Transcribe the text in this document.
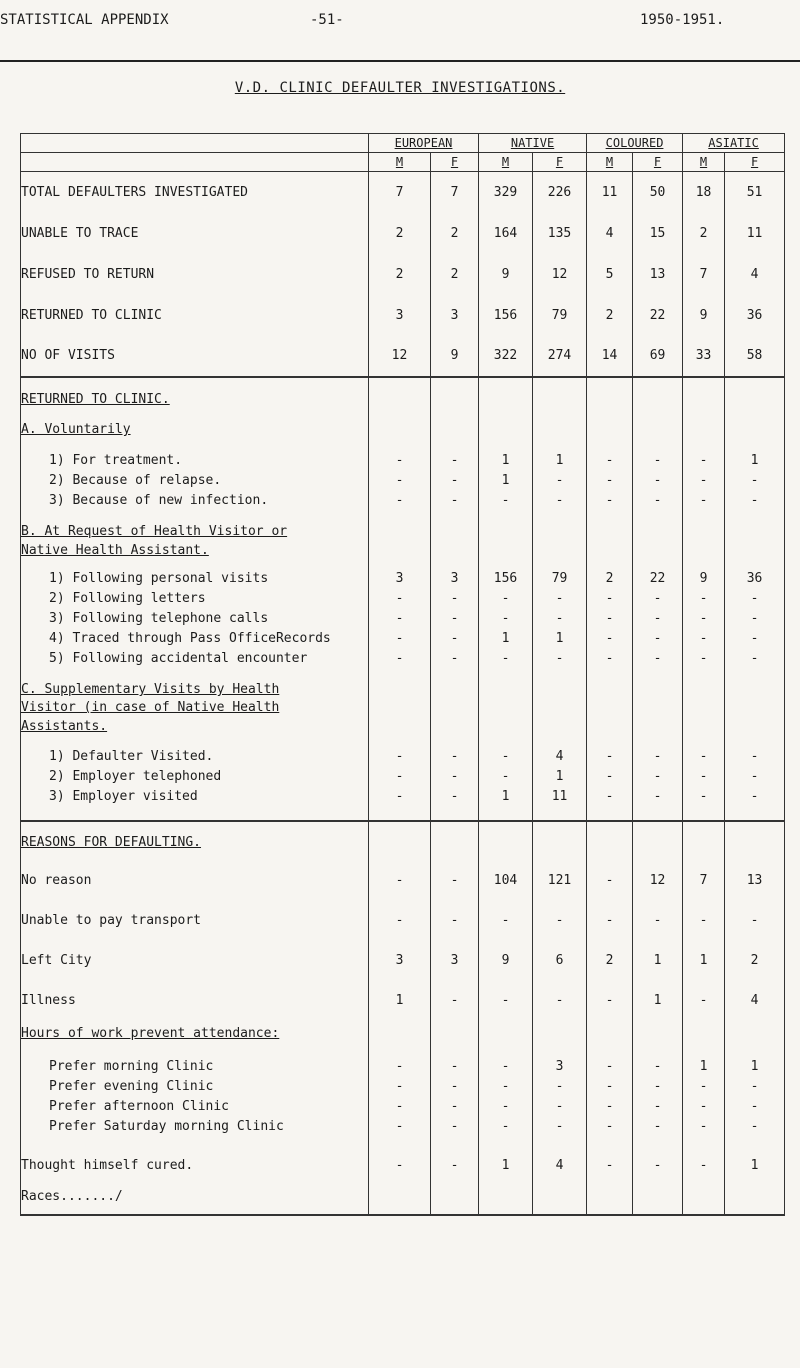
STATISTICAL APPENDIX	-51-	1950-1951.
V.D. CLINIC DEFAULTER INVESTIGATIONS.
	EUROPEAN		NATIVE		COLOURED		ASIATIC	
	M	F	M	F	M	F	M	F
TOTAL DEFAULTERS INVESTIGATED	7	7	329	226	11	50	18	51
UNABLE TO TRACE	2	2	164	135	4	15	2	11
REFUSED TO RETURN	2	2	9	12	5	13	7	4
RETURNED TO CLINIC	3	3	156	79	2	22	9	36
NO OF VISITS	12	9	322	274	14	69	33	58

RETURNED TO CLINIC.								

A. Voluntarily								

1) For treatment.	-	-	1	1	-	-	-	1
2) Because of relapse.	-	-	1	-	-	-	-	-
3) Because of new infection.	-	-	-	-	-	-	-	-

B. At Request of Health Visitor or								
Native Health Assistant.								

1) Following personal visits	3	3	156	79	2	22	9	36
2) Following letters	-	-	-	-	-	-	-	-
3) Following telephone calls	-	-	-	-	-	-	-	-
4) Traced through Pass OfficeRecords	-	-	1	1	-	-	-	-
5) Following accidental encounter	-	-	-	-	-	-	-	-

C. Supplementary Visits by Health								
Visitor (in case of Native Health								
Assistants.								

1) Defaulter Visited.	-	-	-	4	-	-	-	-
2) Employer telephoned	-	-	-	1	-	-	-	-
3) Employer visited	-	-	1	11	-	-	-	-

REASONS FOR DEFAULTING.								

No reason	-	-	104	121	-	12	7	13
Unable to pay transport	-	-	-	-	-	-	-	-
Left City	3	3	9	6	2	1	1	2
Illness	1	-	-	-	-	1	-	4
Hours of work prevent attendance:								

Prefer morning Clinic	-	-	-	3	-	-	1	1
Prefer evening Clinic	-	-	-	-	-	-	-	-
Prefer afternoon Clinic	-	-	-	-	-	-	-	-
Prefer Saturday morning Clinic	-	-	-	-	-	-	-	-

Thought himself cured.	-	-	1	4	-	-	-	1
Races......./								
